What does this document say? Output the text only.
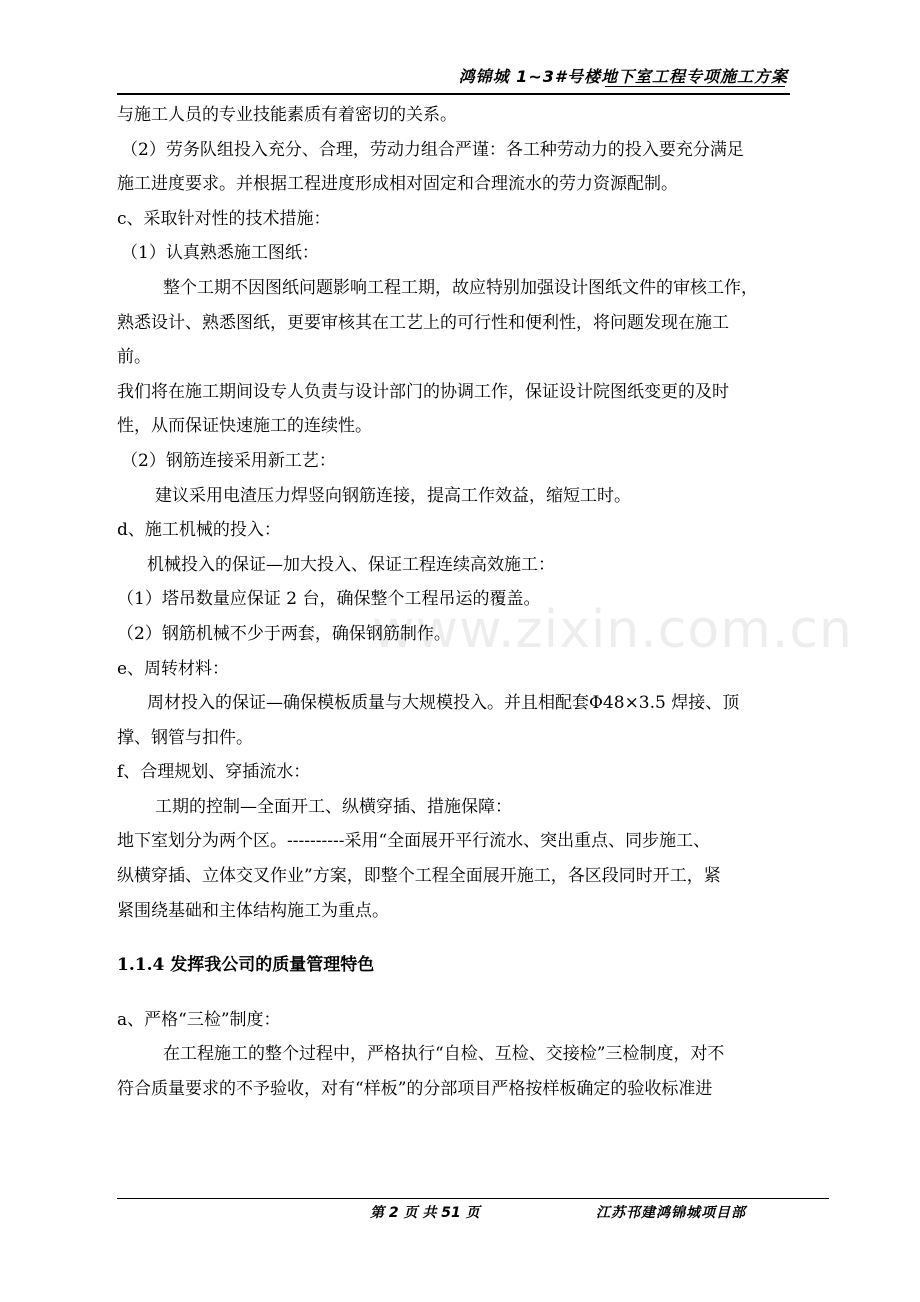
鸿锦城 1~3#号楼地下室工程专项施工方案
www.zixin.com.cn

与施工人员的专业技能素质有着密切的关系。

（2）劳务队组投入充分、合理，劳动力组合严谨：各工种劳动力的投入要充分满足

施工进度要求。并根据工程进度形成相对固定和合理流水的劳力资源配制。

c、采取针对性的技术措施：

（1）认真熟悉施工图纸：

整个工期不因图纸问题影响工程工期，故应特别加强设计图纸文件的审核工作，

熟悉设计、熟悉图纸，更要审核其在工艺上的可行性和便利性，将问题发现在施工

前。

我们将在施工期间设专人负责与设计部门的协调工作，保证设计院图纸变更的及时

性，从而保证快速施工的连续性。

（2）钢筋连接采用新工艺：

建议采用电渣压力焊竖向钢筋连接，提高工作效益，缩短工时。

d、施工机械的投入：

机械投入的保证—加大投入、保证工程连续高效施工：

（1）塔吊数量应保证 2 台，确保整个工程吊运的覆盖。

（2）钢筋机械不少于两套，确保钢筋制作。

e、周转材料：

周材投入的保证—确保模板质量与大规模投入。并且相配套Φ48×3.5 焊接、顶

撑、钢管与扣件。

f、合理规划、穿插流水：

工期的控制—全面开工、纵横穿插、措施保障：

地下室划分为两个区。----------采用“全面展开平行流水、突出重点、同步施工、

纵横穿插、立体交叉作业”方案，即整个工程全面展开施工，各区段同时开工，紧

紧围绕基础和主体结构施工为重点。

1.1.4 发挥我公司的质量管理特色

a、严格“三检”制度：

在工程施工的整个过程中，严格执行“自检、互检、交接检”三检制度，对不

符合质量要求的不予验收，对有“样板”的分部项目严格按样板确定的验收标准进

第 2 页 共 51 页	江苏邗建鸿锦城项目部
